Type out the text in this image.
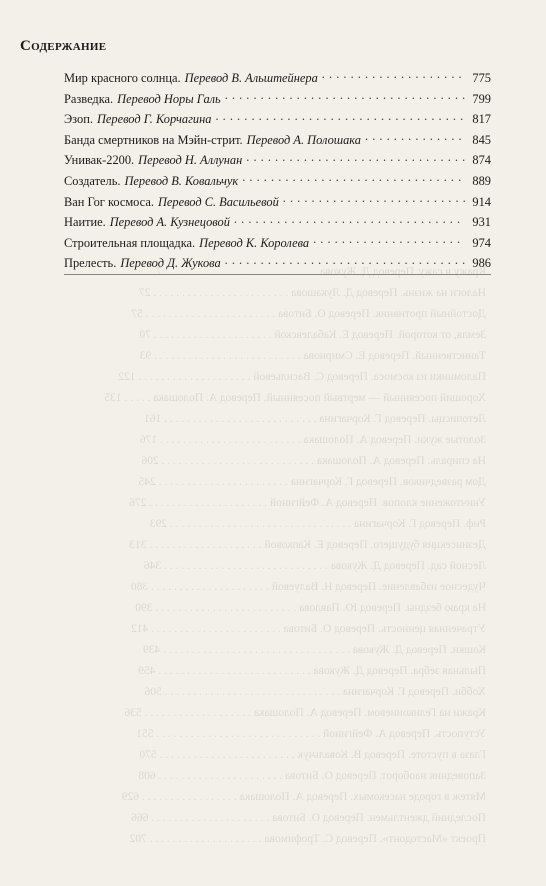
Кражу в сажу. Перевод Д. Жукова . . . . . . . . . . . . . . . . . . . . . . . . . . . 7
Налоги на жизнь. Перевод Д. Лукашова . . . . . . . . . . . . . . . . . . . . . . . . 27
Достойный противник. Перевод О. Битова . . . . . . . . . . . . . . . . . . . . . . . 57
Земля, от которой. Перевод Е. Кабалевской . . . . . . . . . . . . . . . . . . . . . 70
Таинственный. Перевод Е. Смирнова . . . . . . . . . . . . . . . . . . . . . . . . . . 93
Паломники из космоса. Перевод С. Васильевой . . . . . . . . . . . . . . . . . . . . 122
Хороший посеянный — мертвый посеянный. Перевод А. Полошака . . . . . 135
Летописцы. Перевод Г. Корчагина . . . . . . . . . . . . . . . . . . . . . . . . . . . 161
Золотые жуки. Перевод А. Полошака . . . . . . . . . . . . . . . . . . . . . . . . . 176
На спираль. Перевод А. Полошака . . . . . . . . . . . . . . . . . . . . . . . . . . . 206
Дом разведчиков. Перевод Г. Корчагина . . . . . . . . . . . . . . . . . . . . . . . 245
Уничтожение клопов. Перевод А. Фейгиной . . . . . . . . . . . . . . . . . . . . . 276
Риф. Перевод Г. Корчагина . . . . . . . . . . . . . . . . . . . . . . . . . . . . . . . . 293
Дезинсекция будущего. Перевод Е. Капковой . . . . . . . . . . . . . . . . . . . . 313
Лесной сад. Перевод Д. Жукова . . . . . . . . . . . . . . . . . . . . . . . . . . . . . 346
Чудесное избавление. Перевод Н. Валуевой . . . . . . . . . . . . . . . . . . . . . 380
На краю бездны. Перевод Ю. Павлова . . . . . . . . . . . . . . . . . . . . . . . . . 390
Утраченная ценность. Перевод О. Битова . . . . . . . . . . . . . . . . . . . . . . . 412
Кошки. Перевод Д. Жукова . . . . . . . . . . . . . . . . . . . . . . . . . . . . . . . . . 439
Пыльная зебра. Перевод Д. Жукова . . . . . . . . . . . . . . . . . . . . . . . . . . . 459
Хобби. Перевод Г. Корчагина . . . . . . . . . . . . . . . . . . . . . . . . . . . . . . . 506
Кражи на Геликониевом. Перевод А. Полошака . . . . . . . . . . . . . . . . . . . 536
Уступость. Перевод А. Фейгиной . . . . . . . . . . . . . . . . . . . . . . . . . . . . . 551
Глаза в пустоте. Перевод В. Ковальчук . . . . . . . . . . . . . . . . . . . . . . . . 570
Заповедник наоборот. Перевод О. Битова . . . . . . . . . . . . . . . . . . . . . . 608
Мятеж в городе насекомых. Перевод А. Полошака . . . . . . . . . . . . . . . . . 629
Последний джентльмен. Перевод О. Битова . . . . . . . . . . . . . . . . . . . . . 666
Проект «Мастодонт». Перевод С. Трофимова . . . . . . . . . . . . . . . . . . . . 702
Содержание
Мир красного солнца. Перевод В. Альштейнера . . .	775
Разведка. Перевод Норы Галь . . .	799
Эзоп. Перевод Г. Корчагина . . .	817
Банда смертников на Мэйн-стрит. Перевод А. Полошака . . .	845
Унивак-2200. Перевод Н. Аллунан . . .	874
Создатель. Перевод В. Ковальчук . . .	889
Ван Гог космоса. Перевод С. Васильевой . . .	914
Наитие. Перевод А. Кузнецовой . . .	931
Строительная площадка. Перевод К. Королева . . .	974
Прелесть. Перевод Д. Жукова . . .	986
